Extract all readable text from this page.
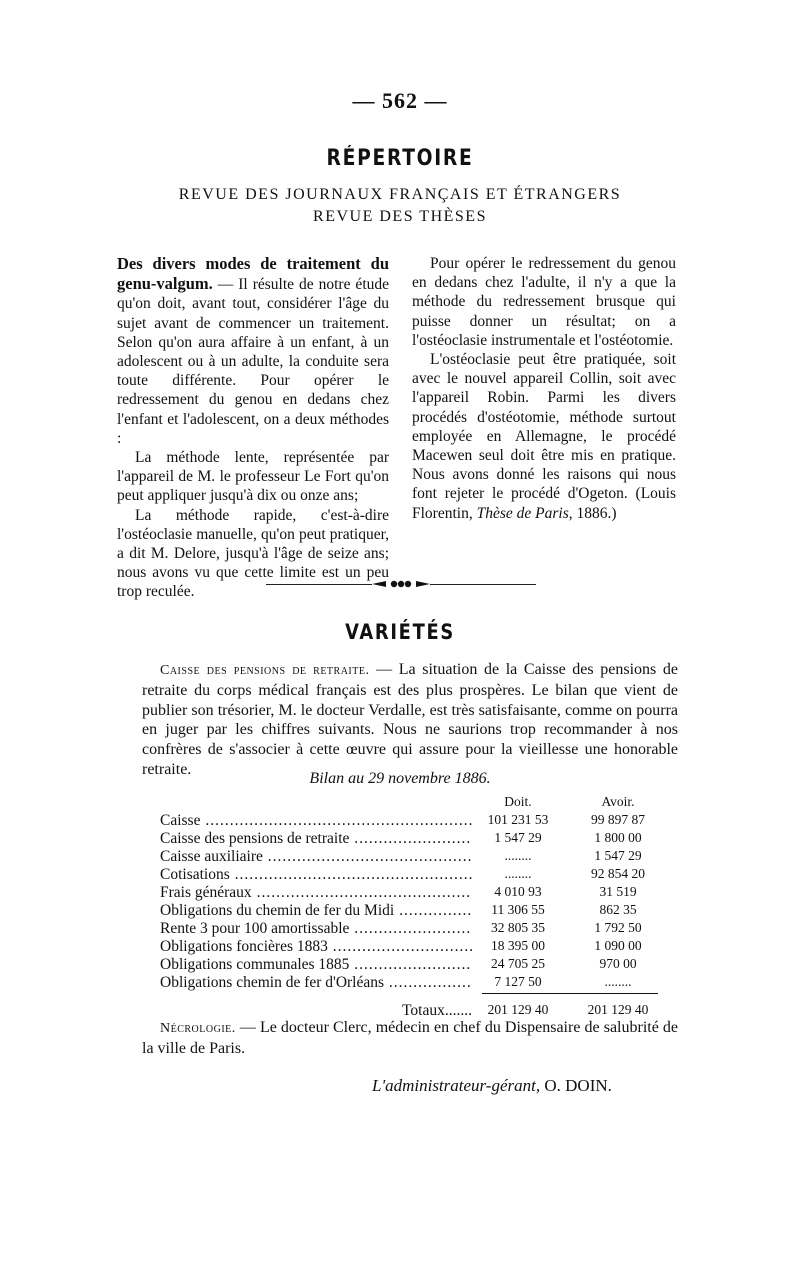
— 562 —
RÉPERTOIRE
REVUE DES JOURNAUX FRANÇAIS ET ÉTRANGERS
REVUE DES THÈSES

Des divers modes de traitement du genu-valgum. — Il résulte de notre étude qu'on doit, avant tout, considérer l'âge du sujet avant de commencer un traitement. Selon qu'on aura affaire à un enfant, à un adolescent ou à un adulte, la conduite sera toute différente. Pour opérer le redressement du genou en dedans chez l'enfant et l'adolescent, on a deux méthodes :

La méthode lente, représentée par l'appareil de M. le professeur Le Fort qu'on peut appliquer jusqu'à dix ou onze ans;

La méthode rapide, c'est-à-dire l'ostéoclasie manuelle, qu'on peut pratiquer, a dit M. Delore, jusqu'à l'âge de seize ans; nous avons vu que cette limite est un peu trop reculée.

Pour opérer le redressement du genou en dedans chez l'adulte, il n'y a que la méthode du redressement brusque qui puisse donner un résultat; on a l'ostéoclasie instrumentale et l'ostéotomie.

L'ostéoclasie peut être pratiquée, soit avec le nouvel appareil Collin, soit avec l'appareil Robin. Parmi les divers procédés d'ostéotomie, méthode surtout employée en Allemagne, le procédé Macewen seul doit être mis en pratique. Nous avons donné les raisons qui nous font rejeter le procédé d'Ogeton. (Louis Florentin, Thèse de Paris, 1886.)

VARIÉTÉS

Caisse des pensions de retraite. — La situation de la Caisse des pensions de retraite du corps médical français est des plus prospères. Le bilan que vient de publier son trésorier, M. le docteur Verdalle, est très satisfaisante, comme on pourra en juger par les chiffres suivants. Nous ne saurions trop recommander à nos confrères de s'associer à cette œuvre qui assure pour la vieillesse une honorable retraite.

Bilan au 29 novembre 1886.
Doit.	Avoir.
Caisse .....	101 231 53	99 897 87
Caisse des pensions de retraite .....	1 547 29	1 800 00
Caisse auxiliaire .....	........	1 547 29
Cotisations .....	........	92 854 20
Frais généraux .....	4 010 93	31 519
Obligations du chemin de fer du Midi .....	11 306 55	862 35
Rente 3 pour 100 amortissable .....	32 805 35	1 792 50
Obligations foncières 1883 .....	18 395 00	1 090 00
Obligations communales 1885 .....	24 705 25	970 00
Obligations chemin de fer d'Orléans .....	7 127 50	........
Totaux.......	201 129 40	201 129 40

Nécrologie. — Le docteur Clerc, médecin en chef du Dispensaire de salubrité de la ville de Paris.

L'administrateur-gérant, O. DOIN.
